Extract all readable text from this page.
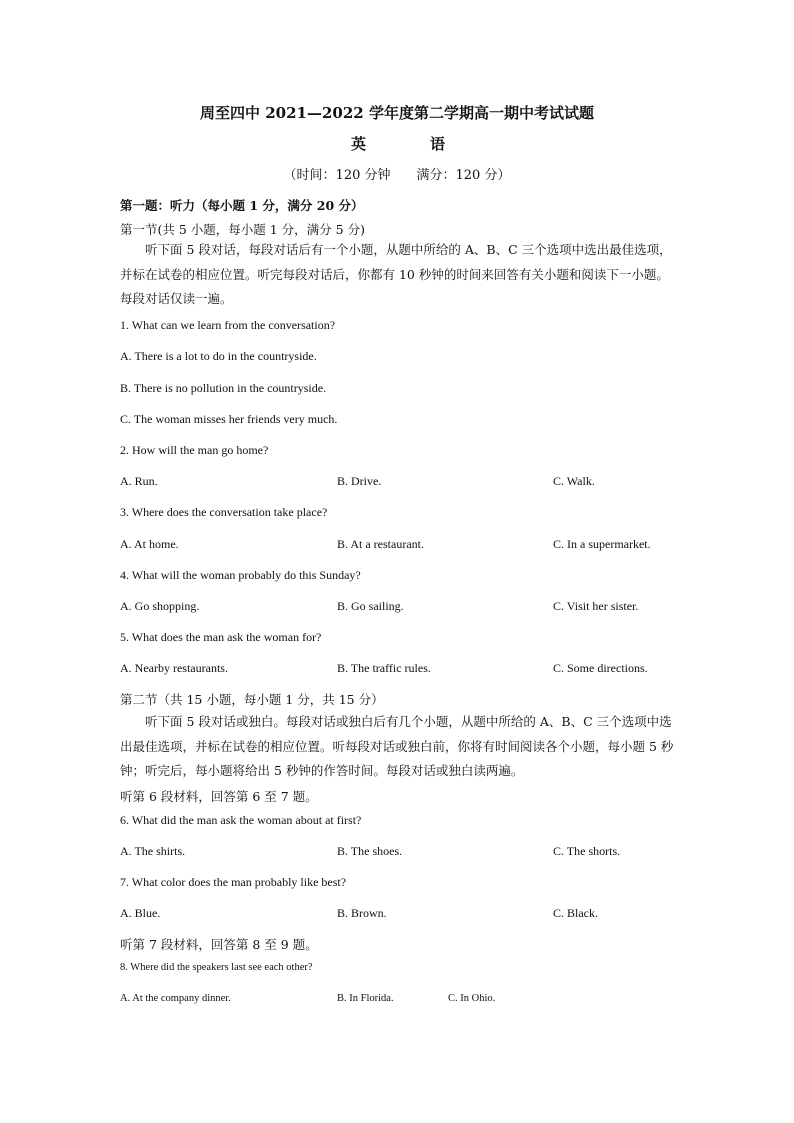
周至四中 2021—2022 学年度第二学期高一期中考试试题
英	语
（时间：120 分钟　　满分：120 分）
第一题：听力（每小题 1 分，满分 20 分）
第一节(共 5 小题，每小题 1 分，满分 5 分)
　　听下面 5 段对话，每段对话后有一个小题，从题中所给的 A、B、C 三个选项中选出最佳选项，并标在试卷的相应位置。听完每段对话后，你都有 10 秒钟的时间来回答有关小题和阅读下一小题。每段对话仅读一遍。
1. What can we learn from the conversation?
A. There is a lot to do in the countryside.
B. There is no pollution in the countryside.
C. The woman misses her friends very much.
2. How will the man go home?
A. Run.	B. Drive.	C. Walk.
3. Where does the conversation take place?
A. At home.	B. At a restaurant.	C. In a supermarket.
4. What will the woman probably do this Sunday?
A. Go shopping.	B. Go sailing.	C. Visit her sister.
5. What does the man ask the woman for?
A. Nearby restaurants.	B. The traffic rules.	C. Some directions.
第二节（共 15 小题，每小题 1 分，共 15 分）
　　听下面 5 段对话或独白。每段对话或独白后有几个小题，从题中所给的 A、B、C 三个选项中选出最佳选项，并标在试卷的相应位置。听每段对话或独白前，你将有时间阅读各个小题，每小题 5 秒钟；听完后，每小题将给出 5 秒钟的作答时间。每段对话或独白读两遍。
听第 6 段材料，回答第 6 至 7 题。
6. What did the man ask the woman about at first?
A. The shirts.	B. The shoes.	C. The shorts.
7. What color does the man probably like best?
A. Blue.	B. Brown.	C. Black.
听第 7 段材料，回答第 8 至 9 题。
8. Where did the speakers last see each other?
A. At the company dinner.	B. In Florida.	C. In Ohio.
